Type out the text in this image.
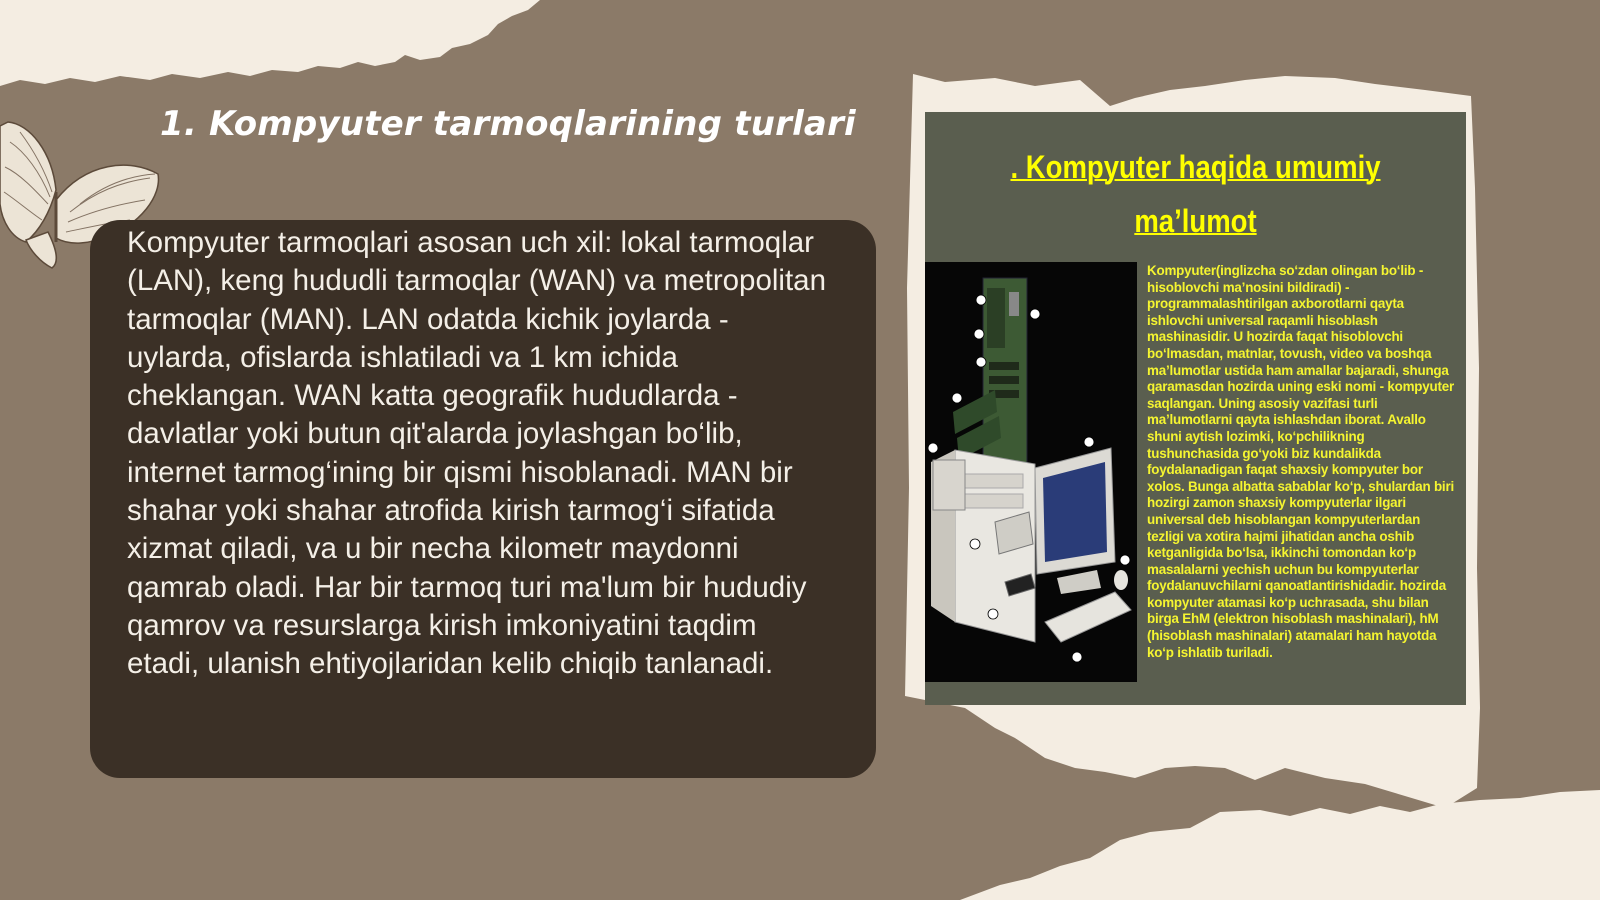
1. Kompyuter tarmoqlarining turlari

Kompyuter tarmoqlari asosan uch xil: lokal tarmoqlar (LAN), keng hududli tarmoqlar (WAN) va metropolitan tarmoqlar (MAN). LAN odatda kichik joylarda - uylarda, ofislarda ishlatiladi va 1 km ichida cheklangan. WAN katta geografik hududlarda - davlatlar yoki butun qit'alarda joylashgan bo‘lib, internet tarmog‘ining bir qismi hisoblanadi. MAN bir shahar yoki shahar atrofida kirish tarmog‘i sifatida xizmat qiladi, va u bir necha kilometr maydonni qamrab oladi. Har bir tarmoq turi ma'lum bir hududiy qamrov va resurslarga kirish imkoniyatini taqdim etadi, ulanish ehtiyojlaridan kelib chiqib tanlanadi.

. Kompyuter haqida umumiy ma’lumot

Kompyuter(inglizcha so‘zdan olingan bo‘lib - hisoblovchi ma’nosini bildiradi) - programmalashtirilgan axborotlarni qayta ishlovchi universal raqamli hisoblash mashinasidir. U hozirda faqat hisoblovchi bo‘lmasdan, matnlar, tovush, video va boshqa ma’lumotlar ustida ham amallar bajaradi, shunga qaramasdan hozirda uning eski nomi - kompyuter saqlangan. Uning asosiy vazifasi turli ma’lumotlarni qayta ishlashdan iborat. Avallo shuni aytish lozimki, ko‘pchilikning tushunchasida go‘yoki biz kundalikda foydalanadigan faqat shaxsiy kompyuter bor xolos. Bunga albatta sabablar ko‘p, shulardan biri hozirgi zamon shaxsiy kompyuterlar ilgari universal deb hisoblangan kompyuterlardan tezligi va xotira hajmi jihatidan ancha oshib ketganligida bo‘lsa, ikkinchi tomondan ko‘p masalalarni yechish uchun bu kompyuterlar foydalanuvchilarni qanoatlantirishidadir. hozirda kompyuter atamasi ko‘p uchrasada, shu bilan birga EhM (elektron hisoblash mashinalari), hM (hisoblash mashinalari) atamalari ham hayotda ko‘p ishlatib turiladi.
